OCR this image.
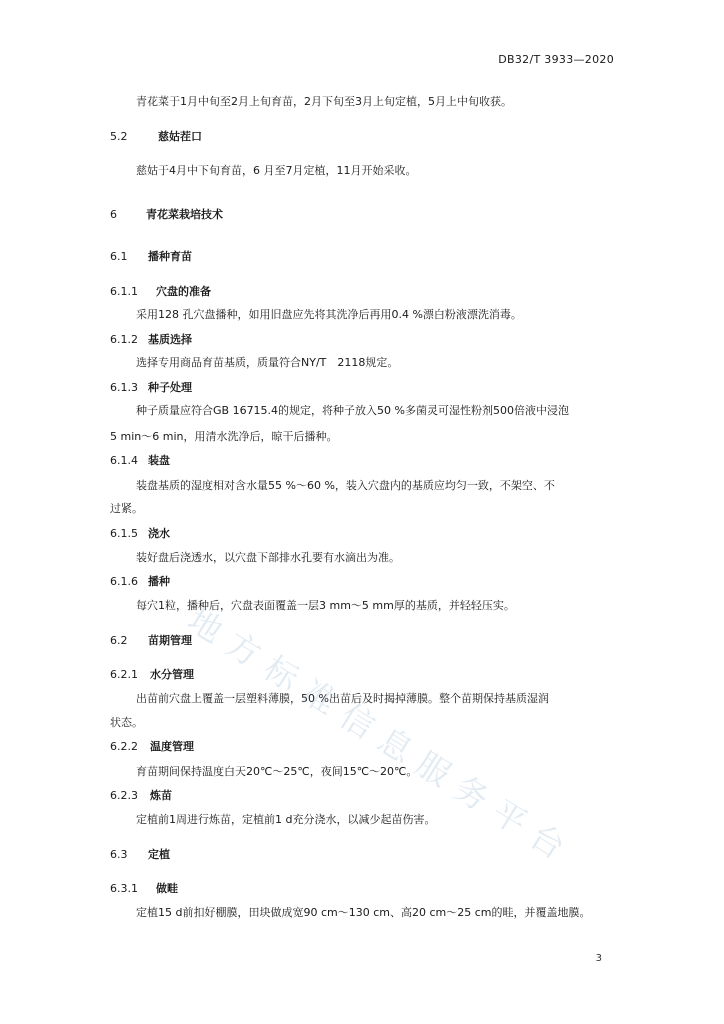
DB32/T 3933—2020
青花菜于1月中旬至2月上旬育苗，2月下旬至3月上旬定植，5月上中旬收获。
5.2	慈姑茬口
慈姑于4月中下旬育苗，6 月至7月定植，11月开始采收。
6	青花菜栽培技术
6.1 播种育苗
6.1.1 穴盘的准备
采用128 孔穴盘播种，如用旧盘应先将其洗净后再用0.4 %漂白粉液漂洗消毒。
6.1.2 基质选择
选择专用商品育苗基质，质量符合NY/T　2118规定。
6.1.3 种子处理
种子质量应符合GB 16715.4的规定，将种子放入50 %多菌灵可湿性粉剂500倍液中浸泡
5 min～6 min，用清水洗净后，晾干后播种。
6.1.4 装盘
装盘基质的湿度相对含水量55 %～60 %，装入穴盘内的基质应均匀一致，不架空、不
过紧。
6.1.5 浇水
装好盘后浇透水，以穴盘下部排水孔要有水滴出为准。
6.1.6 播种
每穴1粒，播种后，穴盘表面覆盖一层3 mm～5 mm厚的基质，并轻轻压实。
6.2 苗期管理
6.2.1 水分管理
出苗前穴盘上覆盖一层塑料薄膜，50 %出苗后及时揭掉薄膜。整个苗期保持基质湿润
状态。
6.2.2 温度管理
育苗期间保持温度白天20℃～25℃，夜间15℃～20℃。
6.2.3 炼苗
定植前1周进行炼苗，定植前1 d充分浇水，以减少起苗伤害。
6.3 定植
6.3.1 做畦
定植15 d前扣好棚膜，田块做成宽90 cm～130 cm、高20 cm～25 cm的畦，并覆盖地膜。
3
地
方
标
准
信
息
服
务
平
台
